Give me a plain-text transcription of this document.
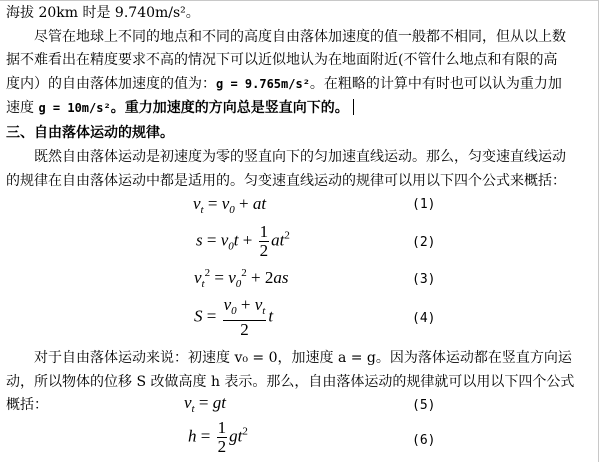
海拔 20km 时是 9.740m/s²。
尽管在地球上不同的地点和不同的高度自由落体加速度的值一般都不相同，但从以上数
据不难看出在精度要求不高的情况下可以近似地认为在地面附近(不管什么地点和有限的高
度内）的自由落体加速度的值为：g = 9.765m/s²。在粗略的计算中有时也可以认为重力加
速度 g = 10m/s²。重力加速度的方向总是竖直向下的。
三、自由落体运动的规律。
既然自由落体运动是初速度为零的竖直向下的匀加速直线运动。那么，匀变速直线运动
的规律在自由落体运动中都是适用的。匀变速直线运动的规律可以用以下四个公式来概括：
$v_t = v_0$ + at	(1)
$s = v_0t + \frac{1}{2} at^2$	(2)
$v_t^2 = v_0^2 + 2as$	(3)
$S = \frac{v_0 + v_t}{2}$ t	(4)
对于自由落体运动来说：初速度 v₀ = 0，加速度 a = g。因为落体运动都在竖直方向运
动，所以物体的位移 S 改做高度 h 表示。那么，自由落体运动的规律就可以用以下四个公式
概括：	$v_t$ = gt	(5)
$h = \frac{1}{2} gt^2$
(6)
